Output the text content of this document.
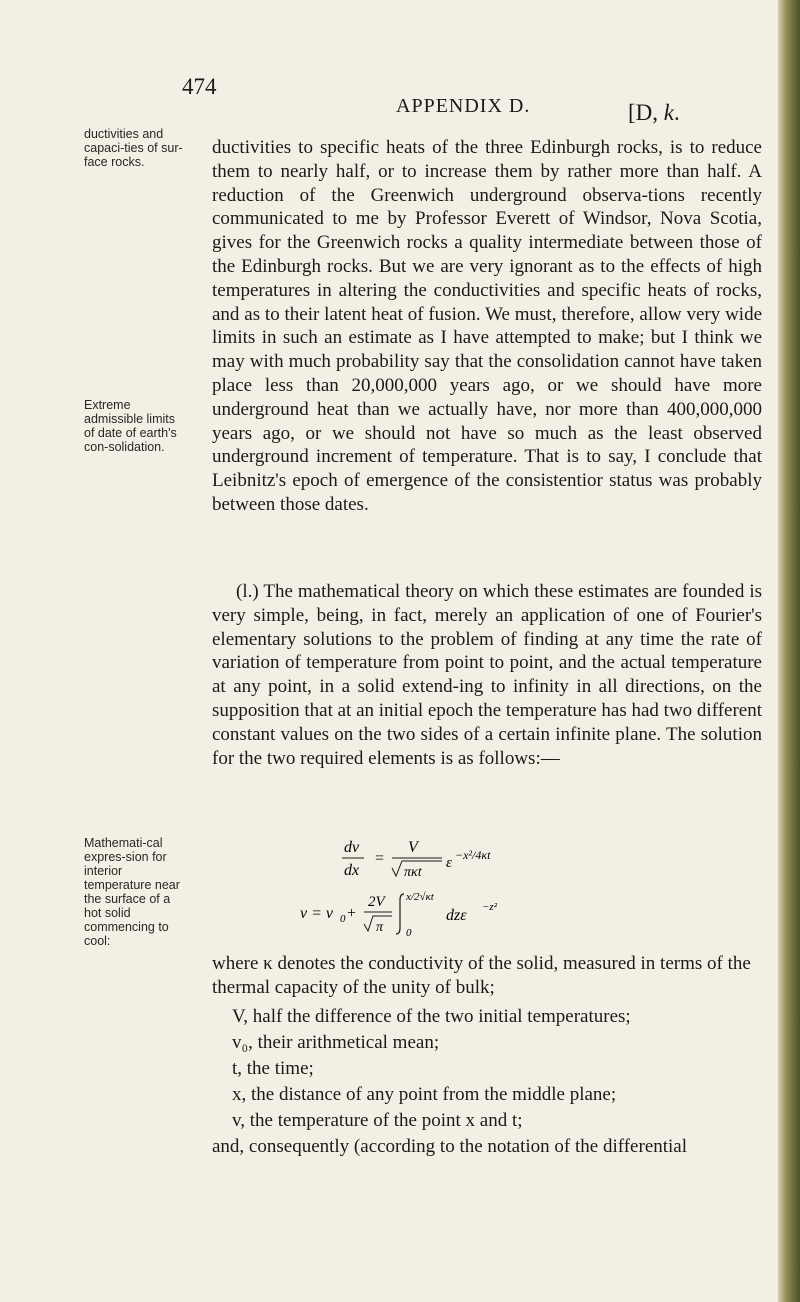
474
APPENDIX D.	[D, k.
ductivities and capaci-ties of sur-face rocks.
Extreme admissible limits of date of earth's con-solidation.
Mathemati-cal expres-sion for interior temperature near the surface of a hot solid commencing to cool:

ductivities to specific heats of the three Edinburgh rocks, is to reduce them to nearly half, or to increase them by rather more than half. A reduction of the Greenwich underground observa-tions recently communicated to me by Professor Everett of Windsor, Nova Scotia, gives for the Greenwich rocks a quality intermediate between those of the Edinburgh rocks. But we are very ignorant as to the effects of high temperatures in altering the conductivities and specific heats of rocks, and as to their latent heat of fusion. We must, therefore, allow very wide limits in such an estimate as I have attempted to make; but I think we may with much probability say that the consolidation cannot have taken place less than 20,000,000 years ago, or we should have more underground heat than we actually have, nor more than 400,000,000 years ago, or we should not have so much as the least observed underground increment of temperature. That is to say, I conclude that Leibnitz's epoch of emergence of the consistentior status was probably between those dates.

(l.) The mathematical theory on which these estimates are founded is very simple, being, in fact, merely an application of one of Fourier's elementary solutions to the problem of finding at any time the rate of variation of temperature from point to point, and the actual temperature at any point, in a solid extend-ing to infinity in all directions, on the supposition that at an initial epoch the temperature has had two different constant values on the two sides of a certain infinite plane. The solution for the two required elements is as follows:—

dv
dx
=
V
πκt
ε −x²/4κt
v = v 0 +
2V
π
x/2√κt
0
dzε −z²
where κ denotes the conductivity of the solid, measured in terms of the thermal capacity of the unity of bulk;
V, half the difference of the two initial temperatures;
v₀, their arithmetical mean;
t, the time;
x, the distance of any point from the middle plane;
v, the temperature of the point x and t;
and, consequently (according to the notation of the differential
